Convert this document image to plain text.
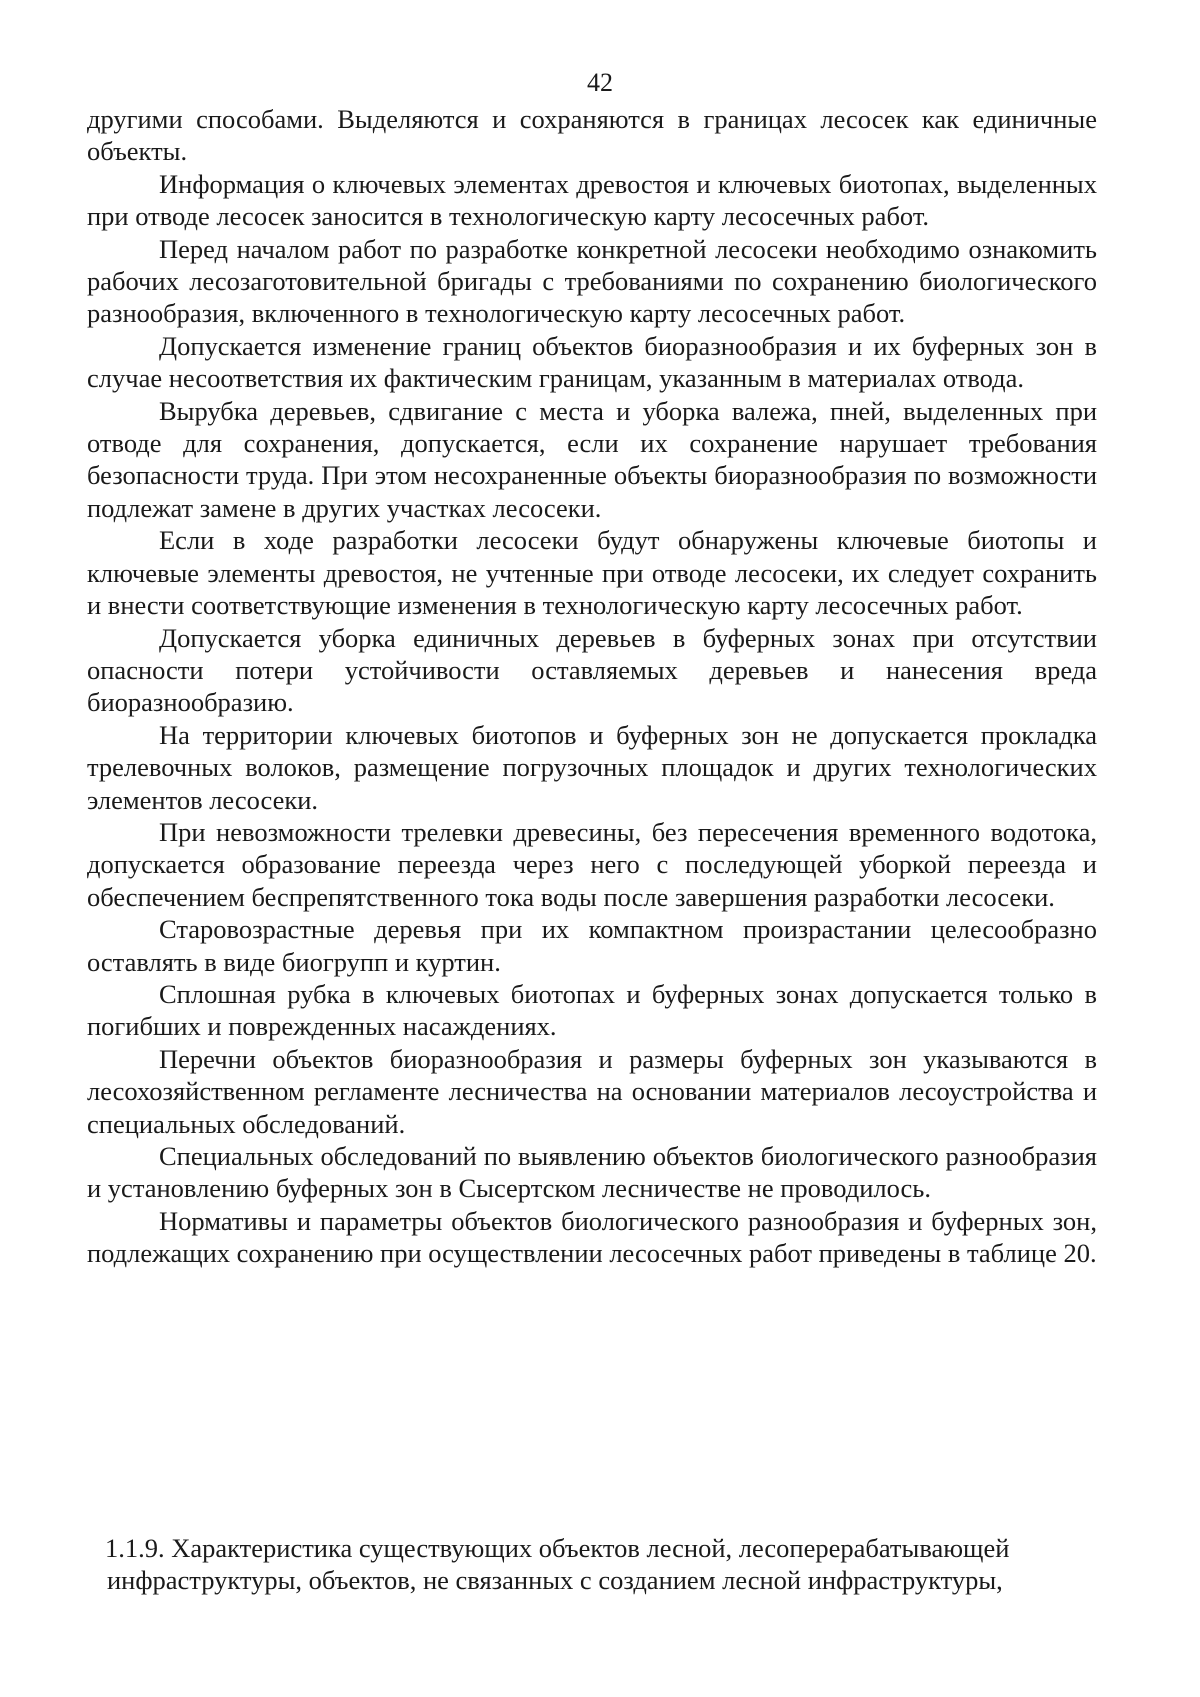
42

другими способами. Выделяются и сохраняются в границах лесосек как единичные объекты.

Информация о ключевых элементах древостоя и ключевых биотопах, выделенных при отводе лесосек заносится в технологическую карту лесосечных работ.

Перед началом работ по разработке конкретной лесосеки необходимо ознакомить рабочих лесозаготовительной бригады с требованиями по сохранению биологического разнообразия, включенного в технологическую карту лесосечных работ.

Допускается изменение границ объектов биоразнообразия и их буферных зон в случае несоответствия их фактическим границам, указанным в материалах отвода.

Вырубка деревьев, сдвигание с места и уборка валежа, пней, выделенных при отводе для сохранения, допускается, если их сохранение нарушает требования безопасности труда. При этом несохраненные объекты биоразнообразия по возможности подлежат замене в других участках лесосеки.

Если в ходе разработки лесосеки будут обнаружены ключевые биотопы и ключевые элементы древостоя, не учтенные при отводе лесосеки, их следует сохранить и внести соответствующие изменения в технологическую карту лесосечных работ.

Допускается уборка единичных деревьев в буферных зонах при отсутствии опасности потери устойчивости оставляемых деревьев и нанесения вреда биоразнообразию.

На территории ключевых биотопов и буферных зон не допускается прокладка трелевочных волоков, размещение погрузочных площадок и других технологических элементов лесосеки.

При невозможности трелевки древесины, без пересечения временного водотока, допускается образование переезда через него с последующей уборкой переезда и обеспечением беспрепятственного тока воды после завершения разработки лесосеки.

Старовозрастные деревья при их компактном произрастании целесообразно оставлять в виде биогрупп и куртин.

Сплошная рубка в ключевых биотопах и буферных зонах допускается только в погибших и поврежденных насаждениях.

Перечни объектов биоразнообразия и размеры буферных зон указываются в лесохозяйственном регламенте лесничества на основании материалов лесоустройства и специальных обследований.

Специальных обследований по выявлению объектов биологического разнообразия и установлению буферных зон в Сысертском лесничестве не проводилось.

Нормативы и параметры объектов биологического разнообразия и буферных зон, подлежащих сохранению при осуществлении лесосечных работ приведены в таблице 20.

1.1.9. Характеристика существующих объектов лесной, лесоперерабатывающей
инфраструктуры, объектов, не связанных с созданием лесной инфраструктуры,
